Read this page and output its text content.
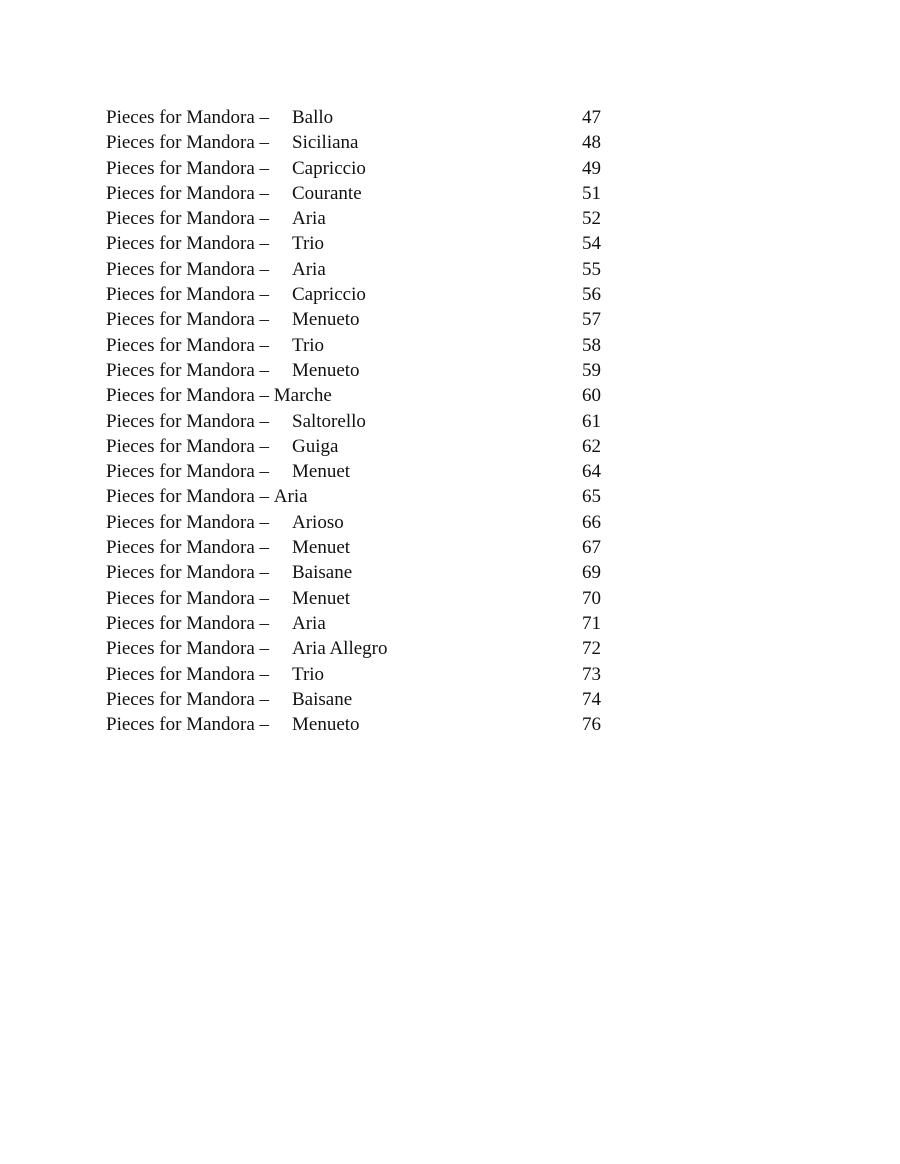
Pieces for Mandora – Ballo	47
Pieces for Mandora – Siciliana	48
Pieces for Mandora – Capriccio	49
Pieces for Mandora – Courante	51
Pieces for Mandora – Aria	52
Pieces for Mandora – Trio	54
Pieces for Mandora – Aria	55
Pieces for Mandora – Capriccio	56
Pieces for Mandora – Menueto	57
Pieces for Mandora – Trio	58
Pieces for Mandora – Menueto	59
Pieces for Mandora – Marche	60
Pieces for Mandora – Saltorello	61
Pieces for Mandora – Guiga	62
Pieces for Mandora – Menuet	64
Pieces for Mandora – Aria	65
Pieces for Mandora – Arioso	66
Pieces for Mandora – Menuet	67
Pieces for Mandora – Baisane	69
Pieces for Mandora – Menuet	70
Pieces for Mandora – Aria	71
Pieces for Mandora – Aria Allegro	72
Pieces for Mandora – Trio	73
Pieces for Mandora – Baisane	74
Pieces for Mandora – Menueto	76
